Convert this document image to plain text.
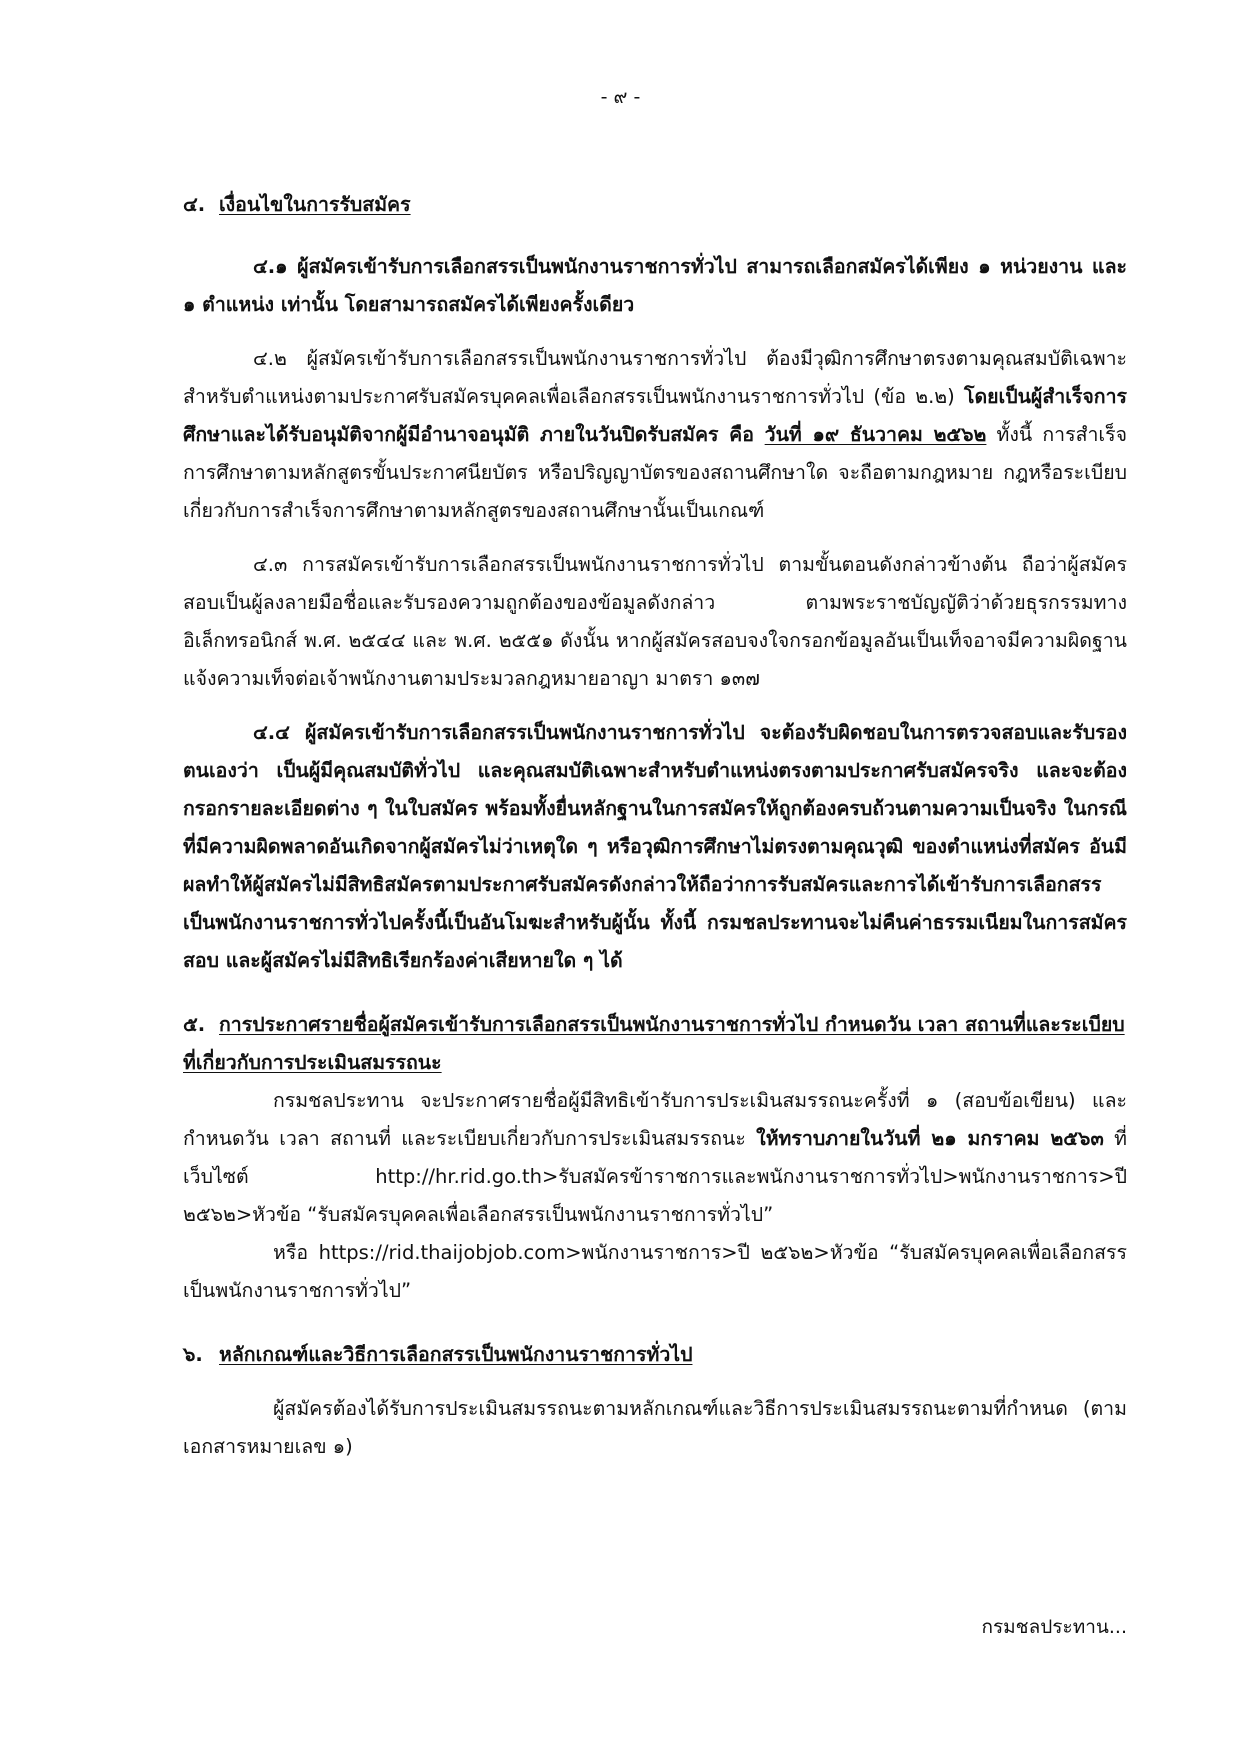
- ๙ -
๔. เงื่อนไขในการรับสมัคร

๔.๑ ผู้สมัครเข้ารับการเลือกสรรเป็นพนักงานราชการทั่วไป สามารถเลือกสมัครได้เพียง ๑ หน่วยงาน และ ๑ ตำแหน่ง เท่านั้น โดยสามารถสมัครได้เพียงครั้งเดียว

๔.๒ ผู้สมัครเข้ารับการเลือกสรรเป็นพนักงานราชการทั่วไป ต้องมีวุฒิการศึกษาตรงตามคุณสมบัติเฉพาะสำหรับตำแหน่งตามประกาศรับสมัครบุคคลเพื่อเลือกสรรเป็นพนักงานราชการทั่วไป (ข้อ ๒.๒) โดยเป็นผู้สำเร็จการศึกษาและได้รับอนุมัติจากผู้มีอำนาจอนุมัติ ภายในวันปิดรับสมัคร คือ วันที่ ๑๙ ธันวาคม ๒๕๖๒ ทั้งนี้ การสำเร็จการศึกษาตามหลักสูตรขั้นประกาศนียบัตร หรือปริญญาบัตรของสถานศึกษาใด จะถือตามกฎหมาย กฎหรือระเบียบเกี่ยวกับการสำเร็จการศึกษาตามหลักสูตรของสถานศึกษานั้นเป็นเกณฑ์

๔.๓ การสมัครเข้ารับการเลือกสรรเป็นพนักงานราชการทั่วไป ตามขั้นตอนดังกล่าวข้างต้น ถือว่าผู้สมัครสอบเป็นผู้ลงลายมือชื่อและรับรองความถูกต้องของข้อมูลดังกล่าว ตามพระราชบัญญัติว่าด้วยธุรกรรมทางอิเล็กทรอนิกส์ พ.ศ. ๒๕๔๔ และ พ.ศ. ๒๕๕๑ ดังนั้น หากผู้สมัครสอบจงใจกรอกข้อมูลอันเป็นเท็จอาจมีความผิดฐานแจ้งความเท็จต่อเจ้าพนักงานตามประมวลกฎหมายอาญา มาตรา ๑๓๗

๔.๔ ผู้สมัครเข้ารับการเลือกสรรเป็นพนักงานราชการทั่วไป จะต้องรับผิดชอบในการตรวจสอบและรับรองตนเองว่า เป็นผู้มีคุณสมบัติทั่วไป และคุณสมบัติเฉพาะสำหรับตำแหน่งตรงตามประกาศรับสมัครจริง และจะต้องกรอกรายละเอียดต่าง ๆ ในใบสมัคร พร้อมทั้งยื่นหลักฐานในการสมัครให้ถูกต้องครบถ้วนตามความเป็นจริง ในกรณีที่มีความผิดพลาดอันเกิดจากผู้สมัครไม่ว่าเหตุใด ๆ หรือวุฒิการศึกษาไม่ตรงตามคุณวุฒิ ของตำแหน่งที่สมัคร อันมีผลทำให้ผู้สมัครไม่มีสิทธิสมัครตามประกาศรับสมัครดังกล่าวให้ถือว่าการรับสมัครและการได้เข้ารับการเลือกสรรเป็นพนักงานราชการทั่วไปครั้งนี้เป็นอันโมฆะสำหรับผู้นั้น ทั้งนี้ กรมชลประทานจะไม่คืนค่าธรรมเนียมในการสมัครสอบ และผู้สมัครไม่มีสิทธิเรียกร้องค่าเสียหายใด ๆ ได้

๕. การประกาศรายชื่อผู้สมัครเข้ารับการเลือกสรรเป็นพนักงานราชการทั่วไป กำหนดวัน เวลา สถานที่และระเบียบที่เกี่ยวกับการประเมินสมรรถนะ

กรมชลประทาน จะประกาศรายชื่อผู้มีสิทธิเข้ารับการประเมินสมรรถนะครั้งที่ ๑ (สอบข้อเขียน) และกำหนดวัน เวลา สถานที่ และระเบียบเกี่ยวกับการประเมินสมรรถนะ ให้ทราบภายในวันที่ ๒๑ มกราคม ๒๕๖๓ ที่เว็บไซต์ http://hr.rid.go.th>รับสมัครข้าราชการและพนักงานราชการทั่วไป>พนักงานราชการ>ปี ๒๕๖๒>หัวข้อ “รับสมัครบุคคลเพื่อเลือกสรรเป็นพนักงานราชการทั่วไป”

หรือ https://rid.thaijobjob.com>พนักงานราชการ>ปี ๒๕๖๒>หัวข้อ “รับสมัครบุคคลเพื่อเลือกสรรเป็นพนักงานราชการทั่วไป”

๖. หลักเกณฑ์และวิธีการเลือกสรรเป็นพนักงานราชการทั่วไป

ผู้สมัครต้องได้รับการประเมินสมรรถนะตามหลักเกณฑ์และวิธีการประเมินสมรรถนะตามที่กำหนด (ตามเอกสารหมายเลข ๑)

กรมชลประทาน...
